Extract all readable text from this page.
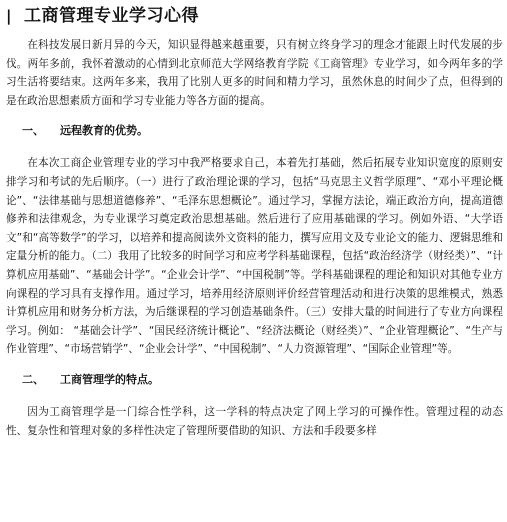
| 工商管理专业学习心得

在科技发展日新月异的今天，知识显得越来越重要，只有树立终身学习的理念才能跟上时代发展的步伐。两年多前，我怀着激动的心情到北京师范大学网络教育学院《工商管理》专业学习，如今两年多的学习生活将要结束。这两年多来，我用了比别人更多的时间和精力学习，虽然休息的时间少了点，但得到的是在政治思想素质方面和学习专业能力等各方面的提高。

一、 远程教育的优势。

在本次工商企业管理专业的学习中我严格要求自己，本着先打基础，然后拓展专业知识宽度的原则安排学习和考试的先后顺序。（一）进行了政治理论课的学习，包括“马克思主义哲学原理”、“邓小平理论概论”、“法律基础与思想道德修养”、“毛泽东思想概论”。通过学习，掌握方法论，端正政治方向，提高道德修养和法律观念，为专业课学习奠定政治思想基础。然后进行了应用基础课的学习。例如外语、“大学语文”和“高等数学”的学习，以培养和提高阅读外文资料的能力，撰写应用文及专业论文的能力、逻辑思维和定量分析的能力。（二）我用了比较多的时间学习和应考学科基础课程，包括“政治经济学（财经类）”、“计算机应用基础”、“基础会计学”。“企业会计学”、“中国税制”等。学科基础课程的理论和知识对其他专业方向课程的学习具有支撑作用。通过学习，培养用经济原则评价经营管理活动和进行决策的思维模式，熟悉计算机应用和财务分析方法，为后继课程的学习创造基础条件。（三）安排大量的时间进行了专业方向课程学习。例如： “基础会计学”、“国民经济统计概论”、“经济法概论（财经类）”、“企业管理概论”、“生产与作业管理”、“市场营销学”、“企业会计学”、“中国税制”、“人力资源管理”、“国际企业管理”等。

二、 工商管理学的特点。

因为工商管理学是一门综合性学科，这一学科的特点决定了网上学习的可操作性。管理过程的动态性、复杂性和管理对象的多样性决定了管理所要借助的知识、方法和手段要多样
